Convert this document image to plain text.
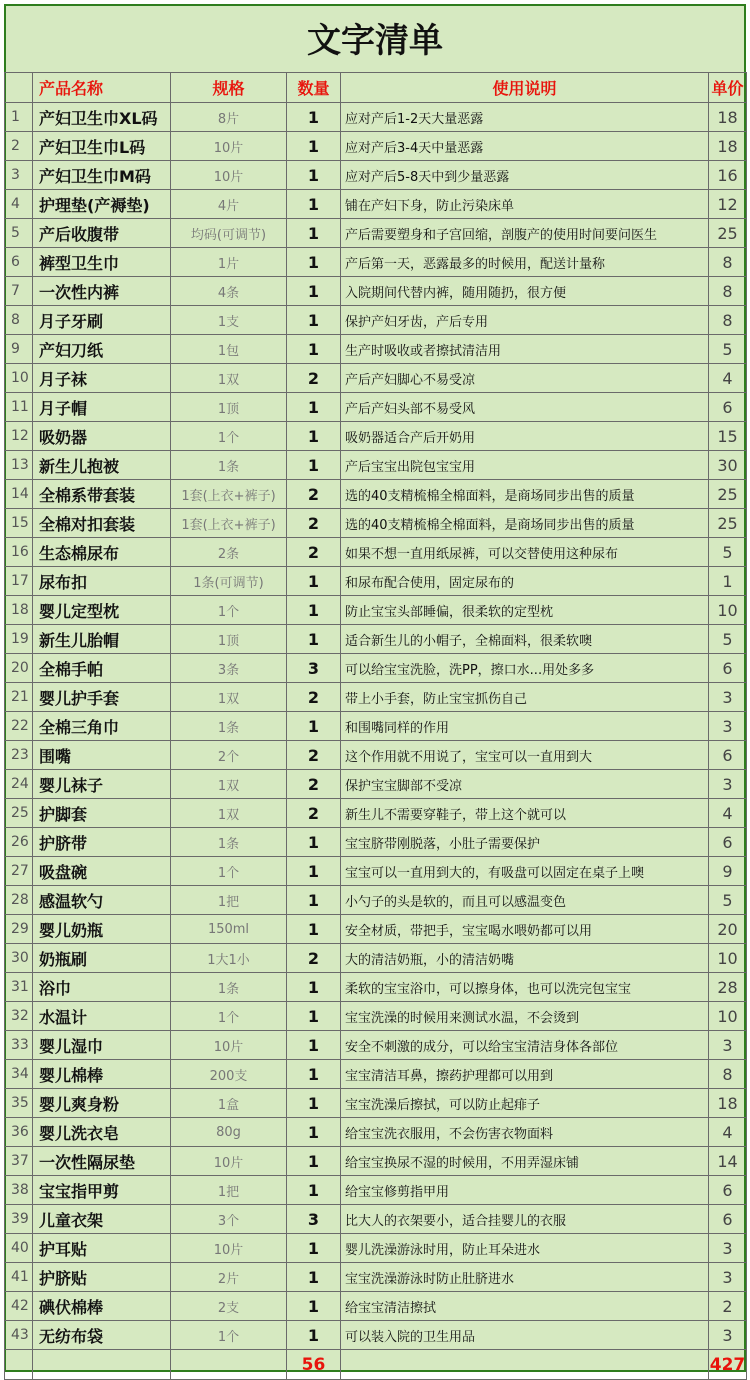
文字清单
	产品名称	规格	数量	使用说明	单价
1	产妇卫生巾XL码	8片	1	应对产后1-2天大量恶露	18
2	产妇卫生巾L码	10片	1	应对产后3-4天中量恶露	18
3	产妇卫生巾M码	10片	1	应对产后5-8天中到少量恶露	16
4	护理垫(产褥垫)	4片	1	铺在产妇下身，防止污染床单	12
5	产后收腹带	均码(可调节)	1	产后需要塑身和子宫回缩，剖腹产的使用时间要问医生	25
6	裤型卫生巾	1片	1	产后第一天，恶露最多的时候用，配送计量称	8
7	一次性内裤	4条	1	入院期间代替内裤，随用随扔，很方便	8
8	月子牙刷	1支	1	保护产妇牙齿，产后专用	8
9	产妇刀纸	1包	1	生产时吸收或者擦拭清洁用	5
10	月子袜	1双	2	产后产妇脚心不易受凉	4
11	月子帽	1顶	1	产后产妇头部不易受风	6
12	吸奶器	1个	1	吸奶器适合产后开奶用	15
13	新生儿抱被	1条	1	产后宝宝出院包宝宝用	30
14	全棉系带套装	1套(上衣+裤子)	2	选的40支精梳棉全棉面料，是商场同步出售的质量	25
15	全棉对扣套装	1套(上衣+裤子)	2	选的40支精梳棉全棉面料，是商场同步出售的质量	25
16	生态棉尿布	2条	2	如果不想一直用纸尿裤，可以交替使用这种尿布	5
17	尿布扣	1条(可调节)	1	和尿布配合使用，固定尿布的	1
18	婴儿定型枕	1个	1	防止宝宝头部睡偏，很柔软的定型枕	10
19	新生儿胎帽	1顶	1	适合新生儿的小帽子，全棉面料，很柔软噢	5
20	全棉手帕	3条	3	可以给宝宝洗脸，洗PP，擦口水...用处多多	6
21	婴儿护手套	1双	2	带上小手套，防止宝宝抓伤自己	3
22	全棉三角巾	1条	1	和围嘴同样的作用	3
23	围嘴	2个	2	这个作用就不用说了，宝宝可以一直用到大	6
24	婴儿袜子	1双	2	保护宝宝脚部不受凉	3
25	护脚套	1双	2	新生儿不需要穿鞋子，带上这个就可以	4
26	护脐带	1条	1	宝宝脐带刚脱落，小肚子需要保护	6
27	吸盘碗	1个	1	宝宝可以一直用到大的，有吸盘可以固定在桌子上噢	9
28	感温软勺	1把	1	小勺子的头是软的，而且可以感温变色	5
29	婴儿奶瓶	150ml	1	安全材质，带把手，宝宝喝水喂奶都可以用	20
30	奶瓶刷	1大1小	2	大的清洁奶瓶，小的清洁奶嘴	10
31	浴巾	1条	1	柔软的宝宝浴巾，可以擦身体，也可以洗完包宝宝	28
32	水温计	1个	1	宝宝洗澡的时候用来测试水温，不会烫到	10
33	婴儿湿巾	10片	1	安全不刺激的成分，可以给宝宝清洁身体各部位	3
34	婴儿棉棒	200支	1	宝宝清洁耳鼻，擦药护理都可以用到	8
35	婴儿爽身粉	1盒	1	宝宝洗澡后擦拭，可以防止起痱子	18
36	婴儿洗衣皂	80g	1	给宝宝洗衣服用，不会伤害衣物面料	4
37	一次性隔尿垫	10片	1	给宝宝换尿不湿的时候用，不用弄湿床铺	14
38	宝宝指甲剪	1把	1	给宝宝修剪指甲用	6
39	儿童衣架	3个	3	比大人的衣架要小，适合挂婴儿的衣服	6
40	护耳贴	10片	1	婴儿洗澡游泳时用，防止耳朵进水	3
41	护脐贴	2片	1	宝宝洗澡游泳时防止肚脐进水	3
42	碘伏棉棒	2支	1	给宝宝清洁擦拭	2
43	无纺布袋	1个	1	可以装入院的卫生用品	3
			56		427
